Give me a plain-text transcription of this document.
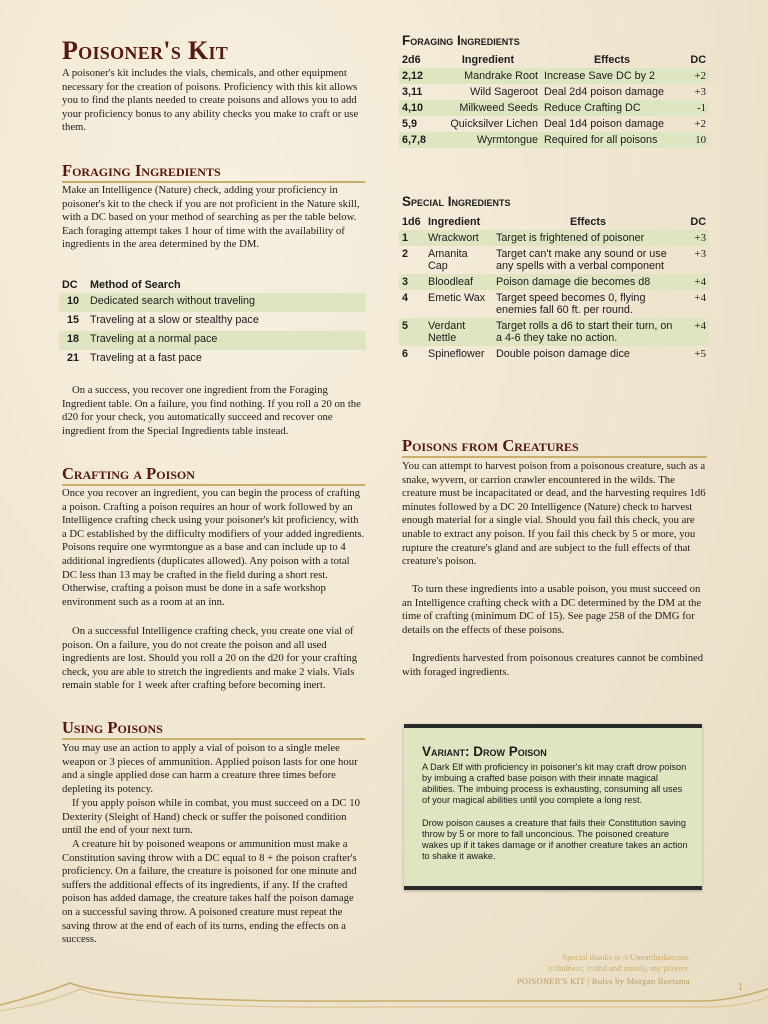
Poisoner's Kit

A poisoner's kit includes the vials, chemicals, and other equipment necessary for the creation of poisons. Proficiency with this kit allows you to find the plants needed to create poisons and allows you to add your proficiency bonus to any ability checks you make to craft or use them.

Foraging Ingredients

Make an Intelligence (Nature) check, adding your proficiency in poisoner's kit to the check if you are not proficient in the Nature skill, with a DC based on your method of searching as per the table below. Each foraging attempt takes 1 hour of time with the availability of ingredients in the area determined by the DM.

DC	Method of Search
10	Dedicated search without traveling
15	Traveling at a slow or stealthy pace
18	Traveling at a normal pace
21	Traveling at a fast pace

On a success, you recover one ingredient from the Foraging Ingredient table. On a failure, you find nothing. If you roll a 20 on the d20 for your check, you automatically succeed and recover one ingredient from the Special Ingredients table instead.

Crafting a Poison

Once you recover an ingredient, you can begin the process of crafting a poison. Crafting a poison requires an hour of work followed by an Intelligence crafting check using your poisoner's kit proficiency, with a DC established by the difficulty modifiers of your added ingredients. Poisons require one wyrmtongue as a base and can include up to 4 additional ingredients (duplicates allowed). Any poison with a total DC less than 13 may be crafted in the field during a short rest. Otherwise, crafting a poison must be done in a safe workshop environment such as a room at an inn.

On a successful Intelligence crafting check, you create one vial of poison. On a failure, you do not create the poison and all used ingredients are lost. Should you roll a 20 on the d20 for your crafting check, you are able to stretch the ingredients and make 2 vials. Vials remain stable for 1 week after crafting before becoming inert.

Using Poisons

You may use an action to apply a vial of poison to a single melee weapon or 3 pieces of ammunition. Applied poison lasts for one hour and a single applied dose can harm a creature three times before depleting its potency.

If you apply poison while in combat, you must succeed on a DC 10 Dexterity (Sleight of Hand) check or suffer the poisoned condition until the end of your next turn.

A creature hit by poisoned weapons or ammunition must make a Constitution saving throw with a DC equal to 8 + the poison crafter's proficiency. On a failure, the creature is poisoned for one minute and suffers the additional effects of its ingredients, if any. If the crafted poison has added damage, the creature takes half the poison damage on a successful saving throw. A poisoned creature must repeat the saving throw at the end of each of its turns, ending the effects on a success.

Foraging Ingredients
2d6	Ingredient	Effects	DC
2,12	Mandrake Root	Increase Save DC by 2	+2
3,11	Wild Sageroot	Deal 2d4 poison damage	+3
4,10	Milkweed Seeds	Reduce Crafting DC	-1
5,9	Quicksilver Lichen	Deal 1d4 poison damage	+2
6,7,8	Wyrmtongue	Required for all poisons	10
Special Ingredients
1d6	Ingredient	Effects	DC
1	Wrackwort	Target is frightened of poisoner	+3
2	Amanita Cap	Target can't make any sound or use any spells with a verbal component	+3
3	Bloodleaf	Poison damage die becomes d8	+4
4	Emetic Wax	Target speed becomes 0, flying enemies fall 60 ft. per round.	+4
5	Verdant Nettle	Target rolls a d6 to start their turn, on a 4-6 they take no action.	+4
6	Spineflower	Double poison damage dice	+5
Poisons from Creatures

You can attempt to harvest poison from a poisonous creature, such as a snake, wyvern, or carrion crawler encountered in the wilds. The creature must be incapacitated or dead, and the harvesting requires 1d6 minutes followed by a DC 20 Intelligence (Nature) check to harvest enough material for a single vial. Should you fail this check, you are unable to extract any poison. If you fail this check by 5 or more, you rupture the creature's gland and are subject to the full effects of that creature's poison.

To turn these ingredients into a usable poison, you must succeed on an Intelligence crafting check with a DC determined by the DM at the time of crafting (minimum DC of 15). See page 258 of the DMG for details on the effects of these poisons.

Ingredients harvested from poisonous creatures cannot be combined with foraged ingredients.

Variant: Drow Poison

A Dark Elf with proficiency in poisoner's kit may craft drow poison by imbuing a crafted base poison with their innate magical abilities. The imbuing process is exhausting, consuming all uses of your magical abilities until you complete a long rest.

Drow poison causes a creature that fails their Constitution saving throw by 5 or more to fall unconcious. The poisoned creature wakes up if it takes damage or if another creature takes an action to shake it awake.

Special thanks to /r/Unearthedarcana,
/r/dndnext, /r/dnd and mostly, my players.

POISONER'S KIT | Rules by Morgan Boetama

1
